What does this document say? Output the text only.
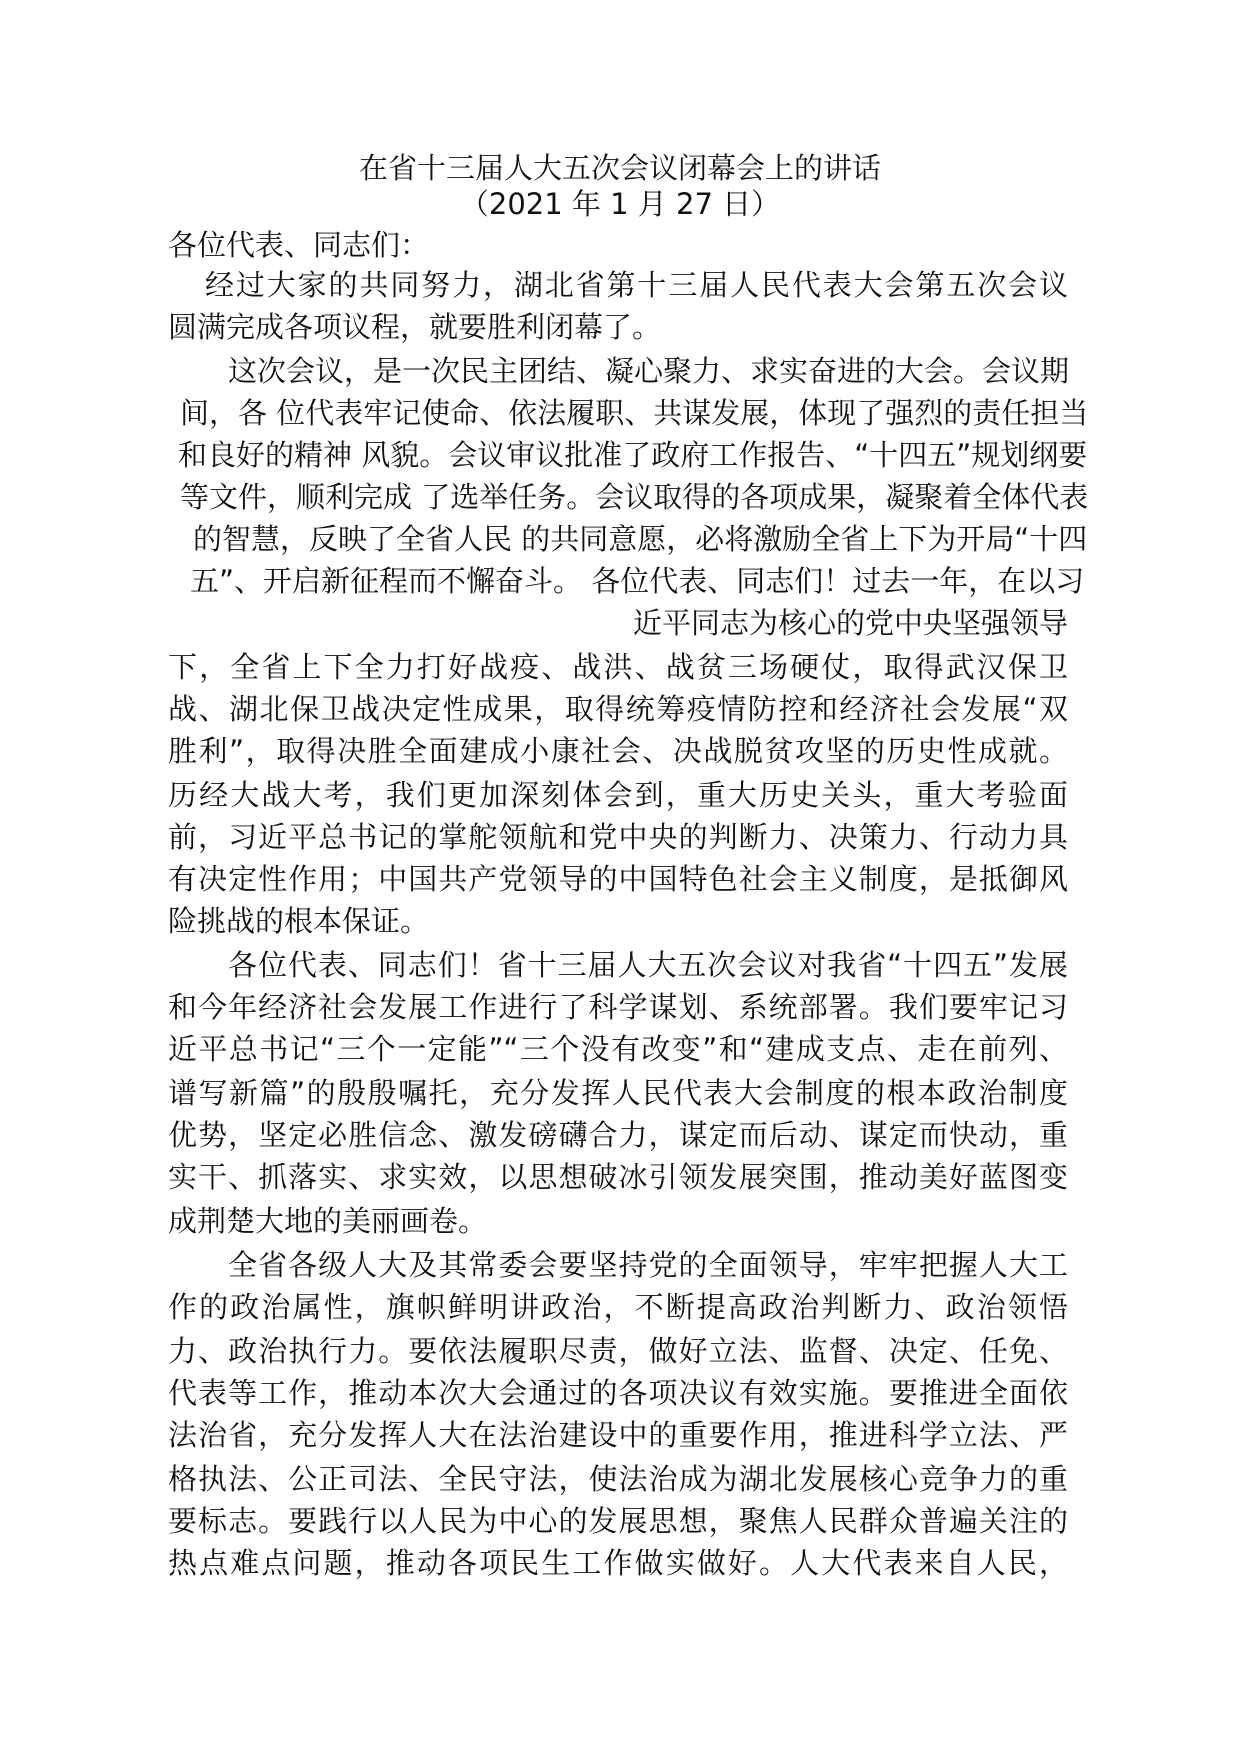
在省十三届人大五次会议闭幕会上的讲话
（2021 年 1 月 27 日）
各位代表、同志们：
经过大家的共同努力，湖北省第十三届人民代表大会第五次会议
圆满完成各项议程，就要胜利闭幕了。
这次会议，是一次民主团结、凝心聚力、求实奋进的大会。会议期
间，各 位代表牢记使命、依法履职、共谋发展，体现了强烈的责任担当
和良好的精神 风貌。会议审议批准了政府工作报告、“十四五”规划纲要
等文件，顺利完成 了选举任务。会议取得的各项成果，凝聚着全体代表
的智慧，反映了全省人民 的共同意愿，必将激励全省上下为开局“十四
五”、开启新征程而不懈奋斗。 各位代表、同志们！过去一年，在以习
近平同志为核心的党中央坚强领导
下，全省上下全力打好战疫、战洪、战贫三场硬仗，取得武汉保卫
战、湖北保卫战决定性成果，取得统筹疫情防控和经济社会发展“双
胜利”，取得决胜全面建成小康社会、决战脱贫攻坚的历史性成就。
历经大战大考，我们更加深刻体会到，重大历史关头，重大考验面
前，习近平总书记的掌舵领航和党中央的判断力、决策力、行动力具
有决定性作用；中国共产党领导的中国特色社会主义制度，是抵御风
险挑战的根本保证。
各位代表、同志们！省十三届人大五次会议对我省“十四五”发展
和今年经济社会发展工作进行了科学谋划、系统部署。我们要牢记习
近平总书记“三个一定能”“三个没有改变”和“建成支点、走在前列、
谱写新篇”的殷殷嘱托，充分发挥人民代表大会制度的根本政治制度
优势，坚定必胜信念、激发磅礴合力，谋定而后动、谋定而快动，重
实干、抓落实、求实效，以思想破冰引领发展突围，推动美好蓝图变
成荆楚大地的美丽画卷。
全省各级人大及其常委会要坚持党的全面领导，牢牢把握人大工
作的政治属性，旗帜鲜明讲政治，不断提高政治判断力、政治领悟
力、政治执行力。要依法履职尽责，做好立法、监督、决定、任免、
代表等工作，推动本次大会通过的各项决议有效实施。要推进全面依
法治省，充分发挥人大在法治建设中的重要作用，推进科学立法、严
格执法、公正司法、全民守法，使法治成为湖北发展核心竞争力的重
要标志。要践行以人民为中心的发展思想，聚焦人民群众普遍关注的
热点难点问题，推动各项民生工作做实做好。人大代表来自人民，
